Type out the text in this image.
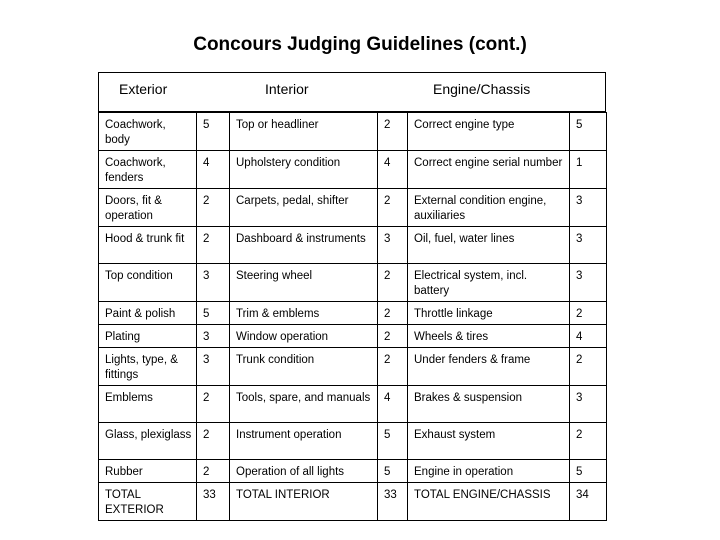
Concours Judging Guidelines (cont.)
Exterior	Interior	Engine/Chassis
Coachwork, body	5	Top or headliner	2	Correct engine type	5
Coachwork, fenders	4	Upholstery condition	4	Correct engine serial number	1
Doors, fit & operation	2	Carpets, pedal, shifter	2	External condition engine, auxiliaries	3
Hood & trunk fit	2	Dashboard & instruments	3	Oil, fuel, water lines	3
Top condition	3	Steering wheel	2	Electrical system, incl. battery	3
Paint & polish	5	Trim & emblems	2	Throttle linkage	2
Plating	3	Window operation	2	Wheels & tires	4
Lights, type, & fittings	3	Trunk condition	2	Under fenders & frame	2
Emblems	2	Tools, spare, and manuals	4	Brakes & suspension	3
Glass, plexiglass	2	Instrument operation	5	Exhaust system	2
Rubber	2	Operation of all lights	5	Engine in operation	5
TOTAL EXTERIOR	33	TOTAL INTERIOR	33	TOTAL ENGINE/CHASSIS	34
